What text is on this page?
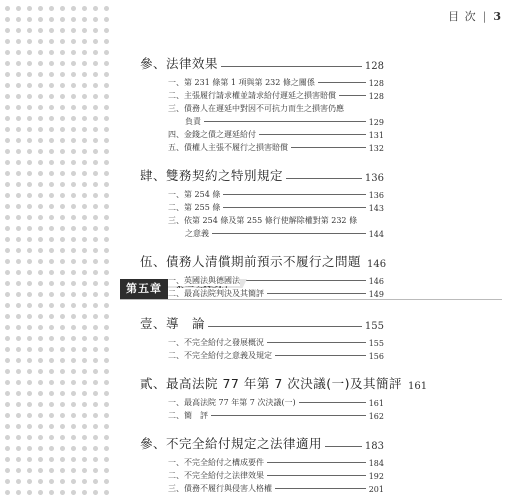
目 次 | 3
參、法律效果	128
一、第 231 條第 1 項與第 232 條之關係	128
二、主張履行請求權並請求給付遲延之損害賠償	128
三、債務人在遲延中對因不可抗力而生之損害仍應
負責	129
四、金錢之債之遲延給付	131
五、債權人主張不履行之損害賠償	132
肆、雙務契約之特別規定	136
一、第 254 條	136
二、第 255 條	143
三、依第 254 條及第 255 條行使解除權對第 232 條
之意義	144
伍、債務人清償期前預示不履行之問題 146
一、英國法與德國法	146
二、最高法院判決及其簡評	149
第五章
壹、導　論	155
一、不完全給付之發展概況	155
二、不完全給付之意義及規定	156
貳、最高法院 77 年第 7 次決議(一)及其簡評 161
一、最高法院 77 年第 7 次決議(一)	161
二、簡　評	162
參、不完全給付規定之法律適用	183
一、不完全給付之構成要件	184
二、不完全給付之法律效果	192
三、債務不履行與侵害人格權	201
